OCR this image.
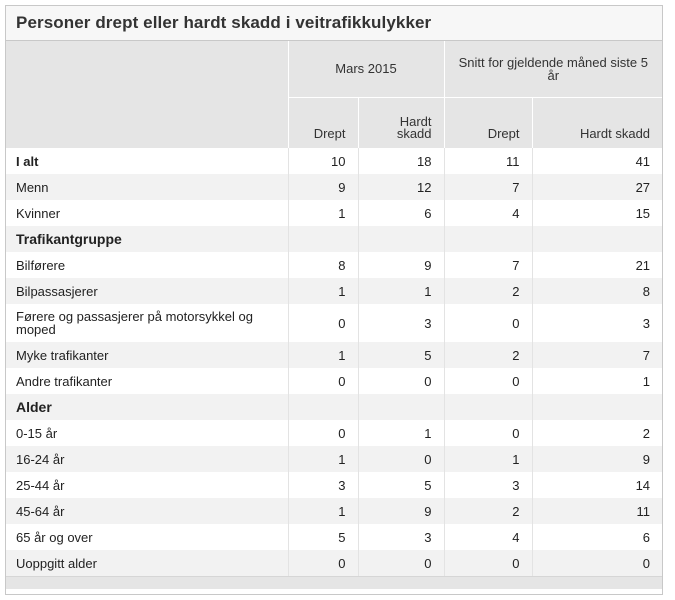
Personer drept eller hardt skadd i veitrafikkulykker
	Mars 2015		Snitt for gjeldende måned siste 5 år	
	Drept	Hardt skadd	Drept	Hardt skadd
I alt	10	18	11	41
Menn	9	12	7	27
Kvinner	1	6	4	15
Trafikantgruppe				
Bilførere	8	9	7	21
Bilpassasjerer	1	1	2	8
Førere og passasjerer på motorsykkel og moped	0	3	0	3
Myke trafikanter	1	5	2	7
Andre trafikanter	0	0	0	1
Alder				
0-15 år	0	1	0	2
16-24 år	1	0	1	9
25-44 år	3	5	3	14
45-64 år	1	9	2	11
65 år og over	5	3	4	6
Uoppgitt alder	0	0	0	0
